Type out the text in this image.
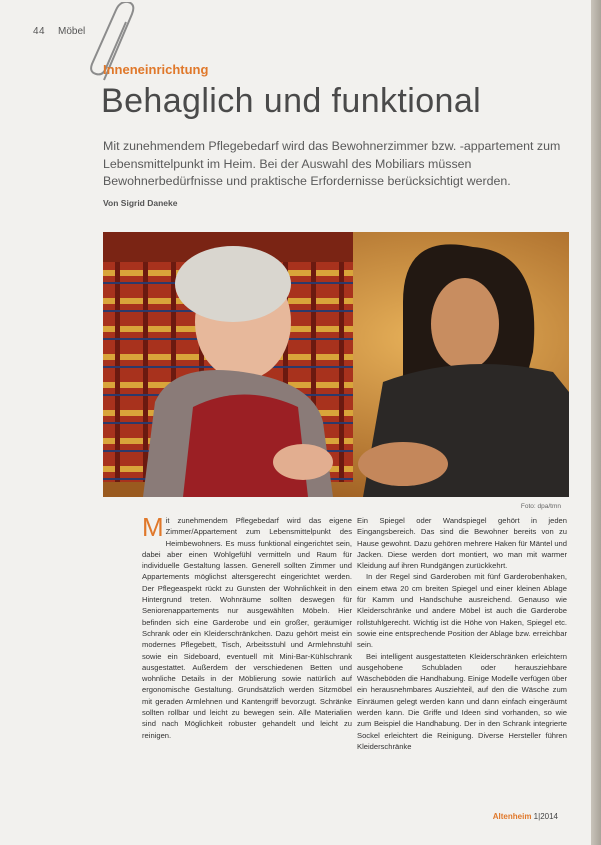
44 Möbel
Inneneinrichtung
Behaglich und funktional
Mit zunehmendem Pflegebedarf wird das Bewohnerzimmer bzw. -appartement zum Lebensmittelpunkt im Heim. Bei der Auswahl des Mobiliars müssen Bewohnerbedürfnisse und praktische Erfordernisse berücksichtigt werden.
Von Sigrid Daneke
Foto: dpa/tmn

Mit zunehmendem Pflegebedarf wird das eigene Zimmer/Appartement zum Lebensmittelpunkt des Heimbewohners. Es muss funktional eingerichtet sein, dabei aber einen Wohlgefühl vermitteln und Raum für individuelle Gestaltung lassen. Generell sollten Zimmer und Appartements möglichst altersgerecht eingerichtet werden. Der Pflegeaspekt rückt zu Gunsten der Wohnlichkeit in den Hintergrund treten. Wohnräume sollten deswegen für Seniorenappartements nur ausgewählten Möbeln. Hier befinden sich eine Garderobe und ein großer, geräumiger Schrank oder ein Kleiderschränkchen. Dazu gehört meist ein modernes Pflegebett, Tisch, Arbeitsstuhl und Armlehnstuhl sowie ein Sideboard, eventuell mit Mini-Bar-Kühlschrank ausgestattet. Außerdem der verschiedenen Betten und wohnliche Details in der Möblierung sowie natürlich auf ergonomische Gestaltung. Grundsätzlich werden Sitzmöbel mit geraden Armlehnen und Kantengriff bevorzugt. Schränke sollten rollbar und leicht zu bewegen sein. Alle Materialien sind nach Möglichkeit robuster gehandelt und leicht zu reinigen.

Ein Spiegel oder Wandspiegel gehört in jeden Eingangsbereich. Das sind die Bewohner bereits von zu Hause gewohnt. Dazu gehören mehrere Haken für Mäntel und Jacken. Diese werden dort montiert, wo man mit warmer Kleidung auf ihren Rundgängen zurückkehrt.

In der Regel sind Garderoben mit fünf Garderobenhaken, einem etwa 20 cm breiten Spiegel und einer kleinen Ablage für Kamm und Handschuhe ausreichend. Genauso wie Kleiderschränke und andere Möbel ist auch die Garderobe rollstuhlgerecht. Wichtig ist die Höhe von Haken, Spiegel etc. sowie eine entsprechende Position der Ablage bzw. erreichbar sein.

Bei intelligent ausgestatteten Kleiderschränken erleichtern ausgehobene Schubladen oder herausziehbare Wäscheböden die Handhabung. Einige Modelle verfügen über ein herausnehmbares Ausziehteil, auf den die Wäsche zum Einräumen gelegt werden kann und dann einfach eingeräumt werden kann. Die Griffe und Ideen sind vorhanden, so wie zum Beispiel die Handhabung. Der in den Schrank integrierte Sockel erleichtert die Reinigung. Diverse Hersteller führen Kleiderschränke

Altenheim 1|2014
